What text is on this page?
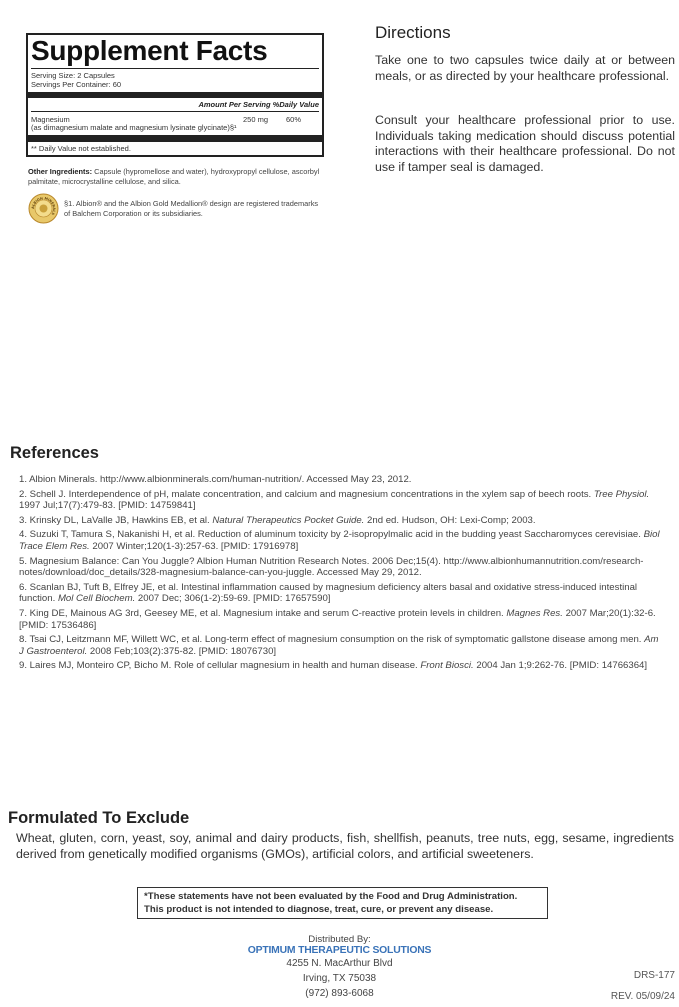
Supplement Facts
Serving Size: 2 Capsules
Servings Per Container: 60
Amount Per Serving %Daily Value
Magnesium
(as dimagnesium malate and magnesium lysinate glycinate)§¹
250 mg 60%
** Daily Value not established.
Other Ingredients: Capsule (hypromellose and water), hydroxypropyl cellulose, ascorbyl palmitate, microcrystalline cellulose, and silica.
ALBION MINERALS
§1. Albion® and the Albion Gold Medallion® design are registered trademarks of Balchem Corporation or its subsidiaries.
Directions
Take one to two capsules twice daily at or between meals, or as directed by your healthcare professional.
Consult your healthcare professional prior to use. Individuals taking medication should discuss potential interactions with their healthcare professional. Do not use if tamper seal is damaged.
References
1. Albion Minerals. http://www.albionminerals.com/human-nutrition/. Accessed May 23, 2012.
2. Schell J. Interdependence of pH, malate concentration, and calcium and magnesium concentrations in the xylem sap of beech roots. Tree Physiol. 1997 Jul;17(7):479-83. [PMID: 14759841]
3. Krinsky DL, LaValle JB, Hawkins EB, et al. Natural Therapeutics Pocket Guide. 2nd ed. Hudson, OH: Lexi-Comp; 2003.
4. Suzuki T, Tamura S, Nakanishi H, et al. Reduction of aluminum toxicity by 2-isopropylmalic acid in the budding yeast Saccharomyces cerevisiae. Biol Trace Elem Res. 2007 Winter;120(1-3):257-63. [PMID: 17916978]
5. Magnesium Balance: Can You Juggle? Albion Human Nutrition Research Notes. 2006 Dec;15(4). http://www.albionhumannutrition.com/research-notes/download/doc_details/328-magnesium-balance-can-you-juggle. Accessed May 29, 2012.
6. Scanlan BJ, Tuft B, Elfrey JE, et al. Intestinal inflammation caused by magnesium deficiency alters basal and oxidative stress-induced intestinal function. Mol Cell Biochem. 2007 Dec; 306(1-2):59-69. [PMID: 17657590]
7. King DE, Mainous AG 3rd, Geesey ME, et al. Magnesium intake and serum C-reactive protein levels in children. Magnes Res. 2007 Mar;20(1):32-6. [PMID: 17536486]
8. Tsai CJ, Leitzmann MF, Willett WC, et al. Long-term effect of magnesium consumption on the risk of symptomatic gallstone disease among men. Am J Gastroenterol. 2008 Feb;103(2):375-82. [PMID: 18076730]
9. Laires MJ, Monteiro CP, Bicho M. Role of cellular magnesium in health and human disease. Front Biosci. 2004 Jan 1;9:262-76. [PMID: 14766364]
Formulated To Exclude
Wheat, gluten, corn, yeast, soy, animal and dairy products, fish, shellfish, peanuts, tree nuts, egg, sesame, ingredients derived from genetically modified organisms (GMOs), artificial colors, and artificial sweeteners.
*These statements have not been evaluated by the Food and Drug Administration.
This product is not intended to diagnose, treat, cure, or prevent any disease.
Distributed By:
OPTIMUM THERAPEUTIC SOLUTIONS
4255 N. MacArthur Blvd
Irving, TX 75038
(972) 893-6068
DRS-177
REV. 05/09/24
